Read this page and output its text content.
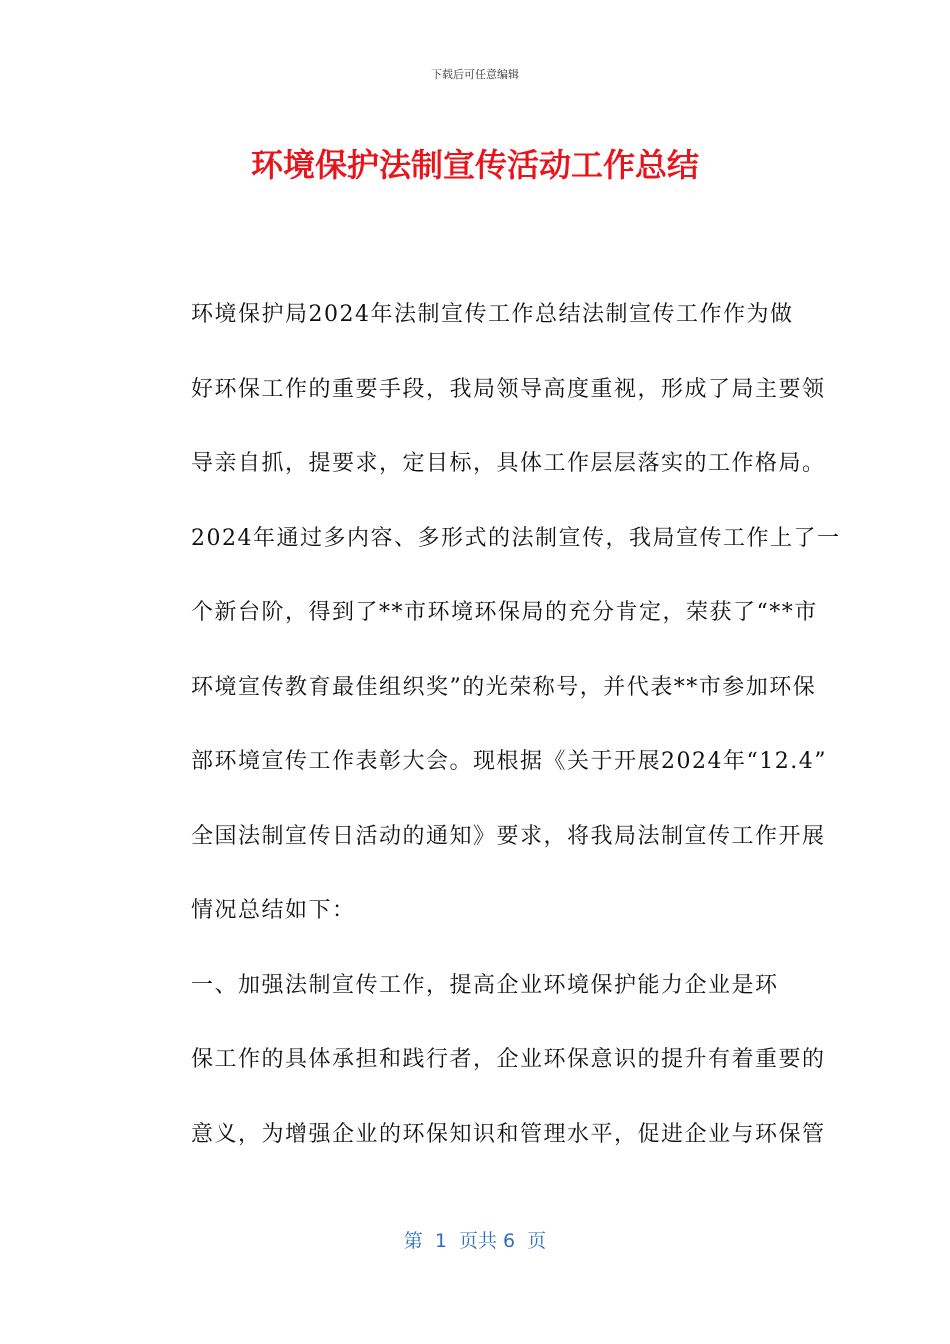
下载后可任意编辑
环境保护法制宣传活动工作总结

环境保护局2024年法制宣传工作总结法制宣传工作作为做
好环保工作的重要手段，我局领导高度重视，形成了局主要领
导亲自抓，提要求，定目标，具体工作层层落实的工作格局。
2024年通过多内容、多形式的法制宣传，我局宣传工作上了一
个新台阶，得到了**市环境环保局的充分肯定，荣获了“**市
环境宣传教育最佳组织奖”的光荣称号，并代表**市参加环保
部环境宣传工作表彰大会。现根据《关于开展2024年“12.4”
全国法制宣传日活动的通知》要求，将我局法制宣传工作开展
情况总结如下：

一、加强法制宣传工作，提高企业环境保护能力企业是环
保工作的具体承担和践行者，企业环保意识的提升有着重要的
意义，为增强企业的环保知识和管理水平，促进企业与环保管

第  1  页共 6  页
